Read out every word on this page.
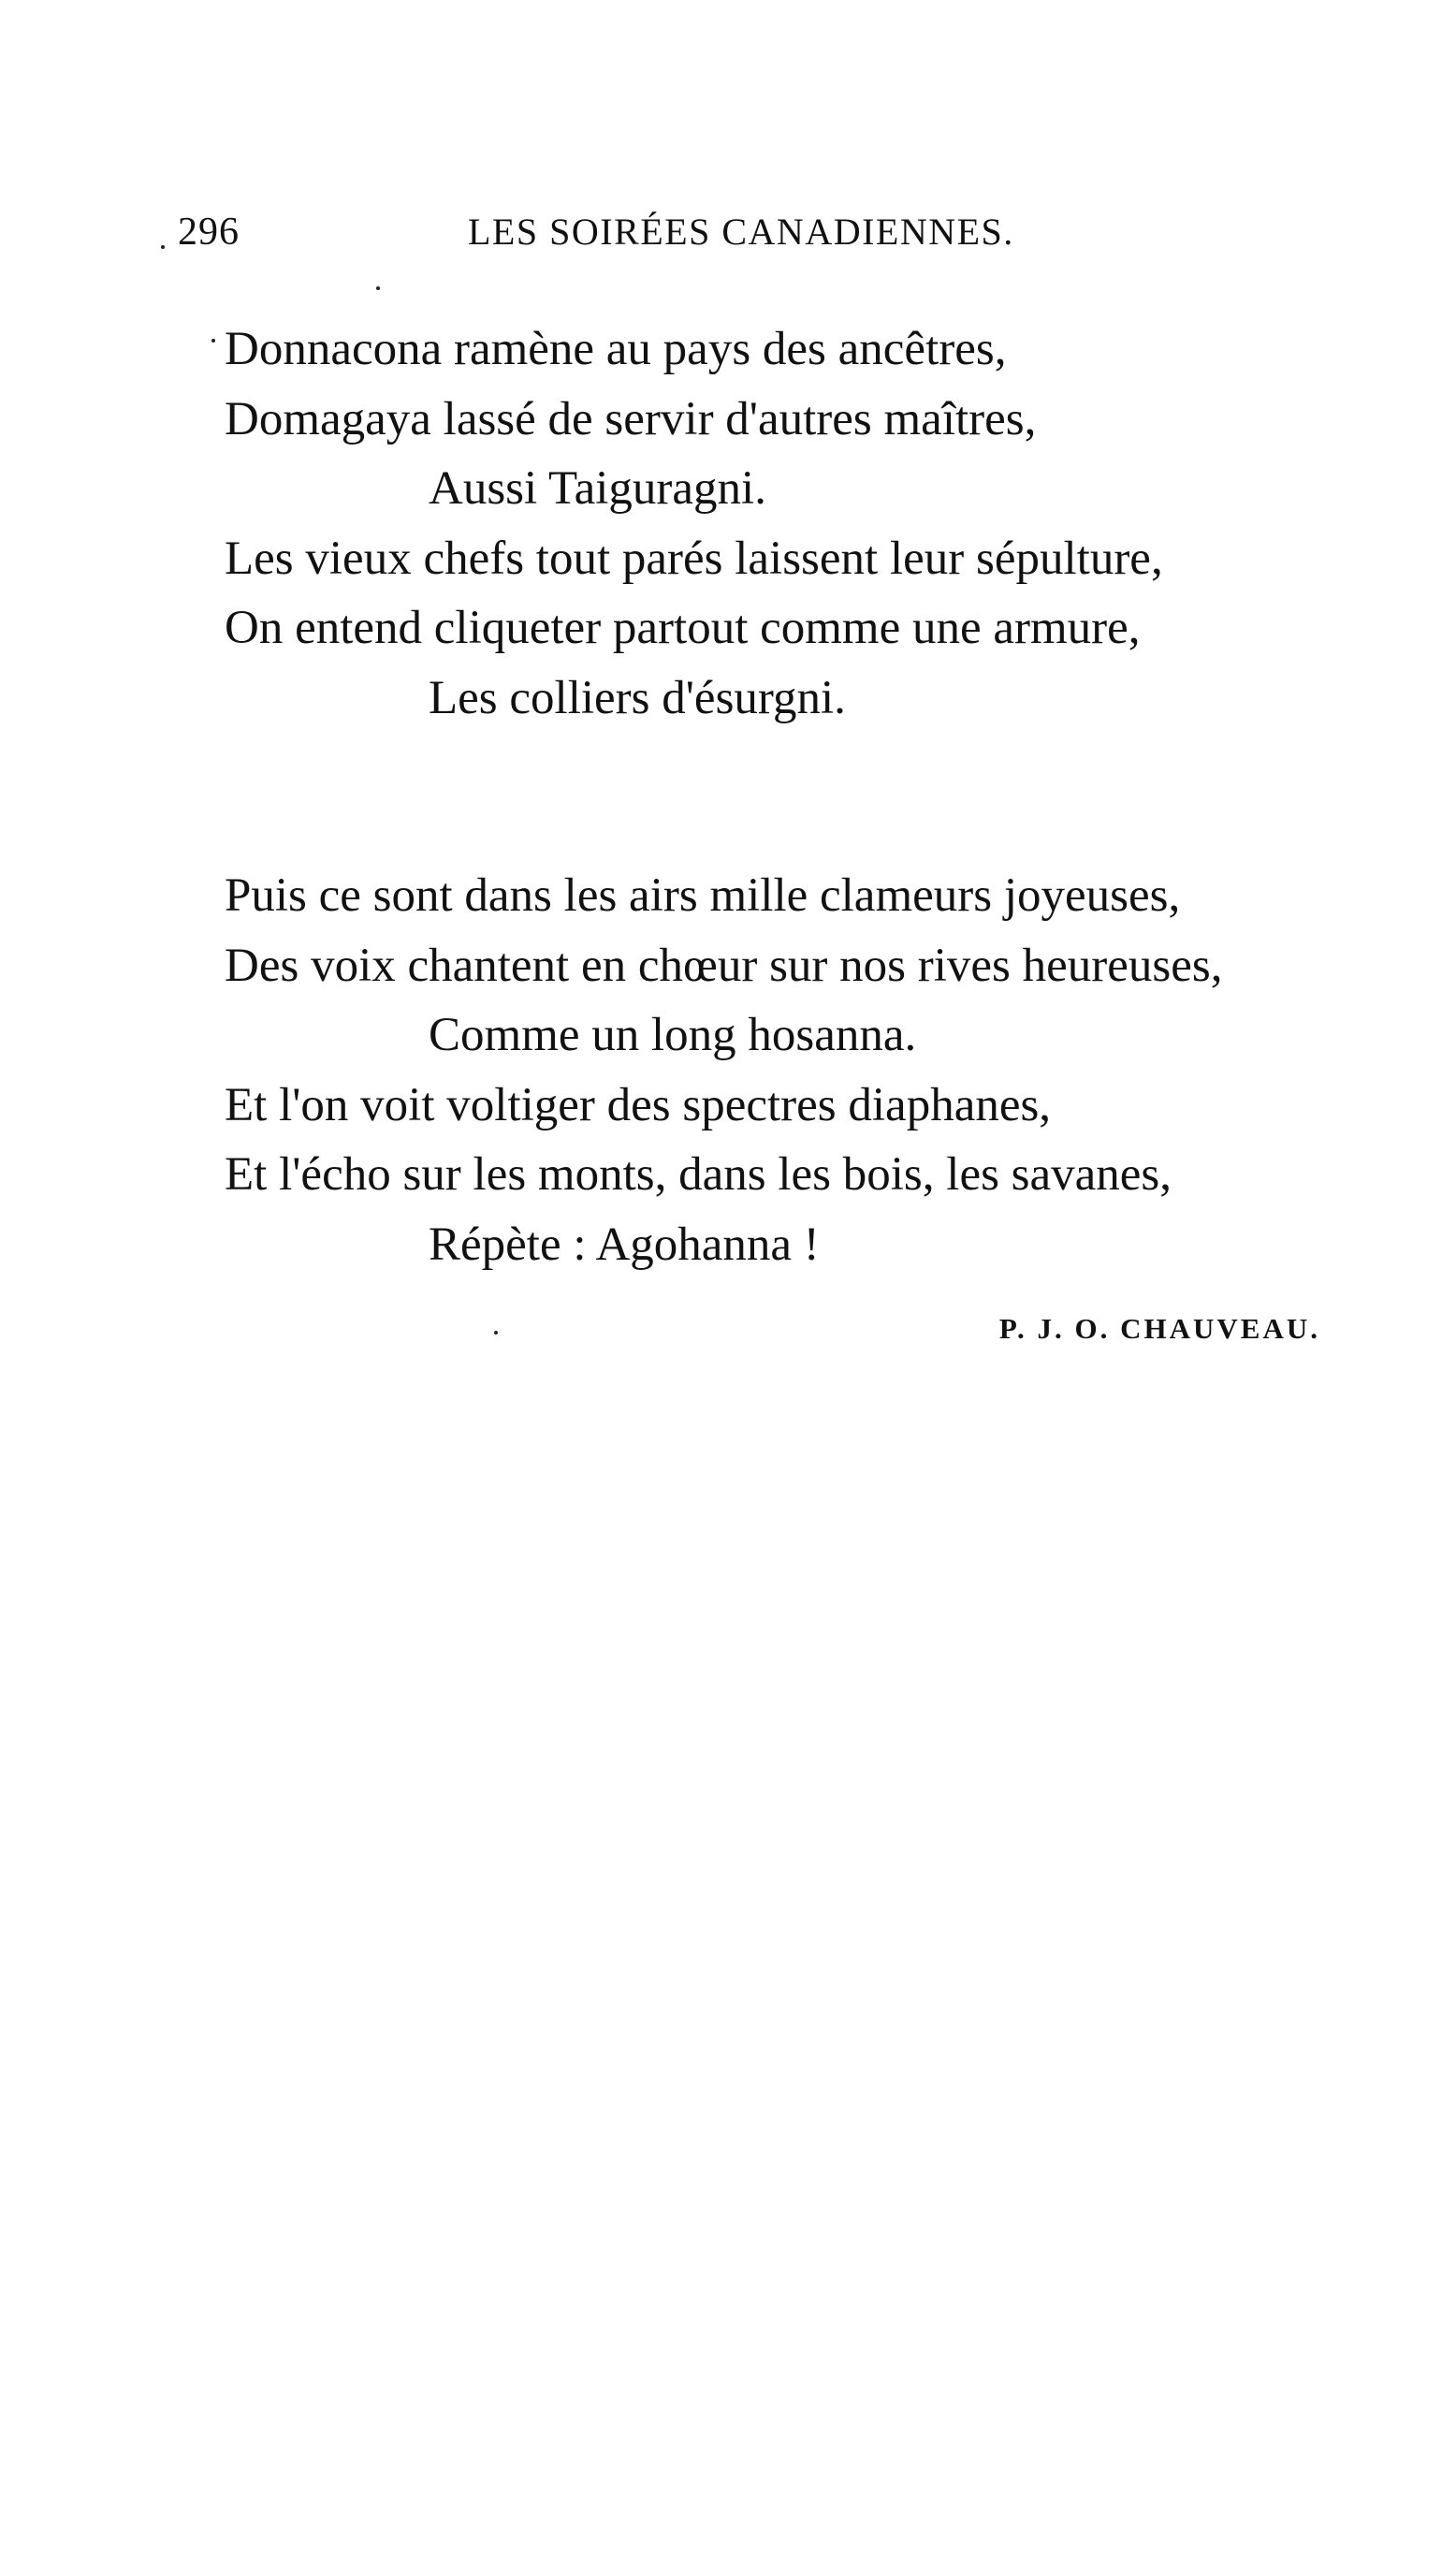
296	LES SOIRÉES CANADIENNES.
Donnacona ramène au pays des ancêtres,
Domagaya lassé de servir d'autres maîtres,
Aussi Taiguragni.
Les vieux chefs tout parés laissent leur sépulture,
On entend cliqueter partout comme une armure,
Les colliers d'ésurgni.
Puis ce sont dans les airs mille clameurs joyeuses,
Des voix chantent en chœur sur nos rives heureuses,
Comme un long hosanna.
Et l'on voit voltiger des spectres diaphanes,
Et l'écho sur les monts, dans les bois, les savanes,
Répète : Agohanna !
P. J. O. CHAUVEAU.
